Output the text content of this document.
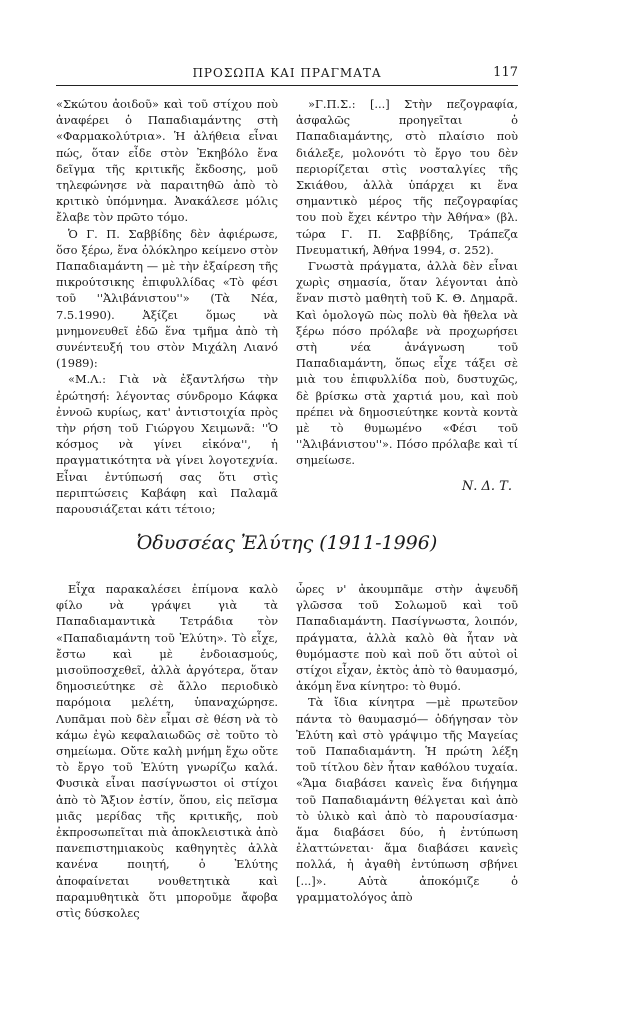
ΠΡΟΣΩΠΑ ΚΑΙ ΠΡΑΓΜΑΤΑ	117

«Σκώτου ἀοιδοῦ» καὶ τοῦ στίχου ποὺ ἀναφέρει ὁ Παπαδιαμάντης στὴ «Φαρμακολύτρια». Ἡ ἀλήθεια εἶναι πώς, ὅταν εἶδε στὸν Ἐκηβόλο ἕνα δεῖγμα τῆς κριτικῆς ἔκδοσης, μοῦ τηλεφώνησε νὰ παραιτηθῶ ἀπὸ τὸ κριτικὸ ὑπόμνημα. Ἀνακάλεσε μόλις ἔλαβε τὸν πρῶτο τόμο.

Ὁ Γ. Π. Σαββίδης δὲν ἀφιέρωσε, ὅσο ξέρω, ἕνα ὁλόκληρο κείμενο στὸν Παπαδιαμάντη — μὲ τὴν ἐξαίρεση τῆς πικρούτσικης ἐπιφυλλίδας «Τὸ φέσι τοῦ ''Ἀλιβάνιστου''» (Τὰ Νέα, 7.5.1990). Ἀξίζει ὅμως νὰ μνημονευθεῖ ἐδῶ ἕνα τμῆμα ἀπὸ τὴ συνέντευξή του στὸν Μιχάλη Λιανό (1989):

«Μ.Λ.: Γιὰ νὰ ἐξαντλήσω τὴν ἐρώτησή: λέγοντας σύνδρομο Κάφκα ἐννοῶ κυρίως, κατ' ἀντιστοιχία πρὸς τὴν ρήση τοῦ Γιώργου Χειμωνᾶ: ''Ὁ κόσμος νὰ γίνει εἰκόνα'', ἡ πραγματικότητα νὰ γίνει λογοτεχνία. Εἶναι ἐντύπωσή σας ὅτι στὶς περιπτώσεις Καβάφη καὶ Παλαμᾶ παρουσιάζεται κάτι τέτοιο;

»Γ.Π.Σ.: [...] Στὴν πεζογραφία, ἀσφαλῶς προηγεῖται ὁ Παπαδιαμάντης, στὸ πλαίσιο ποὺ διάλεξε, μολονότι τὸ ἔργο του δὲν περιορίζεται στὶς νοσταλγίες τῆς Σκιάθου, ἀλλὰ ὑπάρχει κι ἕνα σημαντικὸ μέρος τῆς πεζογραφίας του ποὺ ἔχει κέντρο τὴν Ἀθήνα» (βλ. τώρα Γ. Π. Σαββίδης, Τράπεζα Πνευματική, Ἀθήνα 1994, σ. 252).

Γνωστὰ πράγματα, ἀλλὰ δὲν εἶναι χωρὶς σημασία, ὅταν λέγονται ἀπὸ ἕναν πιστὸ μαθητὴ τοῦ Κ. Θ. Δημαρᾶ. Καὶ ὁμολογῶ πὼς πολὺ θὰ ἤθελα νὰ ξέρω πόσο πρόλαβε νὰ προχωρήσει στὴ νέα ἀνάγνωση τοῦ Παπαδιαμάντη, ὅπως εἶχε τάξει σὲ μιὰ του ἐπιφυλλίδα ποὺ, δυστυχῶς, δὲ βρίσκω στὰ χαρτιά μου, καὶ ποὺ πρέπει νὰ δημοσιεύτηκε κοντὰ κοντὰ μὲ τὸ θυμωμένο «Φέσι τοῦ ''Ἀλιβάνιστου''». Πόσο πρόλαβε καὶ τί σημείωσε.

Ν. Δ. Τ.

Ὀδυσσέας Ἐλύτης (1911-1996)

Εἶχα παρακαλέσει ἐπίμονα καλὸ φίλο νὰ γράψει γιὰ τὰ Παπαδιαμαντικὰ Τετράδια τὸν «Παπαδιαμάντη τοῦ Ἐλύτη». Τὸ εἶχε, ἔστω καὶ μὲ ἐνδοιασμούς, μισοϋποσχεθεῖ, ἀλλὰ ἀργότερα, ὅταν δημοσιεύτηκε σὲ ἄλλο περιοδικὸ παρόμοια μελέτη, ὑπαναχώρησε. Λυπᾶμαι ποὺ δὲν εἶμαι σὲ θέση νὰ τὸ κάμω ἐγὼ κεφαλαιωδῶς σὲ τοῦτο τὸ σημείωμα. Οὔτε καλὴ μνήμη ἔχω οὔτε τὸ ἔργο τοῦ Ἐλύτη γνωρίζω καλά. Φυσικὰ εἶναι πασίγνωστοι οἱ στίχοι ἀπὸ τὸ Ἄξιον ἐστίν, ὅπου, εἰς πεῖσμα μιᾶς μερίδας τῆς κριτικῆς, ποὺ ἐκπροσωπεῖται πιὰ ἀποκλειστικὰ ἀπὸ πανεπιστημιακοὺς καθηγητὲς ἀλλὰ κανένα ποιητή, ὁ Ἐλύτης ἀποφαίνεται νουθετητικὰ καὶ παραμυθητικὰ ὅτι μποροῦμε ἄφοβα στὶς δύσκολες

ὧρες ν' ἀκουμπᾶμε στὴν ἀψευδῆ γλῶσσα τοῦ Σολωμοῦ καὶ τοῦ Παπαδιαμάντη. Πασίγνωστα, λοιπόν, πράγματα, ἀλλὰ καλὸ θὰ ἦταν νὰ θυμόμαστε ποὺ καὶ ποῦ ὅτι αὐτοὶ οἱ στίχοι εἶχαν, ἐκτὸς ἀπὸ τὸ θαυμασμό, ἀκόμη ἕνα κίνητρο: τὸ θυμό.

Τὰ ἴδια κίνητρα —μὲ πρωτεῦον πάντα τὸ θαυμασμό— ὁδήγησαν τὸν Ἐλύτη καὶ στὸ γράψιμο τῆς Μαγείας τοῦ Παπαδιαμάντη. Ἡ πρώτη λέξη τοῦ τίτλου δὲν ἦταν καθόλου τυχαία. «Ἅμα διαβάσει κανεὶς ἕνα διήγημα τοῦ Παπαδιαμάντη θέλγεται καὶ ἀπὸ τὸ ὑλικὸ καὶ ἀπὸ τὸ παρουσίασμα· ἅμα διαβάσει δύο, ἡ ἐντύπωση ἐλαττώνεται· ἅμα διαβάσει κανεὶς πολλά, ἡ ἀγαθὴ ἐντύπωση σβήνει [...]». Αὐτὰ ἀποκόμιζε ὁ γραμματολόγος ἀπὸ
